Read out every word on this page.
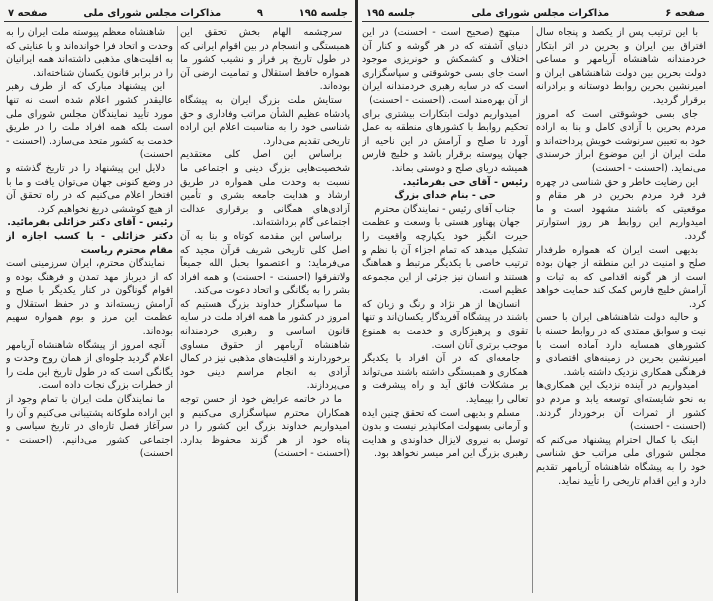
صفحه ۷	مذاکرات مجلس شورای ملی	۹	جلسه ۱۹۵

سرچشمه الهام بخش تحقق این همبستگی و انسجام در بین اقوام ایرانی که در طول تاریخ پر فراز و نشیب کشور ما همواره حافظ استقلال و تمامیت ارضی آن بوده‌اند.

ستایش ملت بزرگ ایران به پیشگاه پادشاه عظیم الشأن مراتب وفاداری و حق شناسی خود را به مناسبت اعلام این اراده تاریخی تقدیم می‌دارد.

براساس این اصل کلی معتقدیم شخصیت‌هایی بزرگ دینی و اجتماعی ما نسبت به وحدت ملی همواره در طریق ارشاد و هدایت جامعه بشری و تأمین آزادی‌های همگانی و برقراری عدالت اجتماعی گام برداشته‌اند.

براساس این مقدمه کوتاه و بنا به آن اصل کلی تاریخی شریف قرآن مجید که می‌فرماید: و اعتصموا بحبل الله جمیعاً ولاتفرقوا (احسنت - احسنت) و همه افراد بشر را به یگانگی و اتحاد دعوت می‌کند.

ما سپاسگزار خداوند بزرگ هستیم که امروز در کشور ما همه افراد ملت در سایه قانون اساسی و رهبری خردمندانه شاهنشاه آریامهر از حقوق مساوی برخوردارند و اقلیت‌های مذهبی نیز در کمال آزادی به انجام مراسم دینی خود می‌پردازند.

ما در خاتمه عرایض خود از حسن توجه همکاران محترم سپاسگزاری می‌کنیم و امیدواریم خداوند بزرگ این کشور را در پناه خود از هر گزند محفوظ بدارد. (احسنت - احسنت)

شاهنشاه معظم پیوسته ملت ایران را به وحدت و اتحاد فرا خوانده‌اند و با عنایتی که به اقلیت‌های مذهبی داشته‌اند همه ایرانیان را در برابر قانون یکسان شناخته‌اند.

این پیشنهاد مبارک که از طرف رهبر عالیقدر کشور اعلام شده است نه تنها مورد تأیید نمایندگان مجلس شورای ملی است بلکه همه افراد ملت را در طریق خدمت به کشور متحد می‌سازد. (احسنت - احسنت)

دلایل این پیشنهاد را در تاریخ گذشته و در وضع کنونی جهان می‌توان یافت و ما با افتخار اعلام می‌کنیم که در راه تحقق آن از هیچ کوششی دریغ نخواهیم کرد.

رئیس - آقای دکتر خزائلی بفرمائید.

دکتر خزائلی - با کسب اجازه از مقام محترم ریاست

نمایندگان محترم، ایران سرزمینی است که از دیرباز مهد تمدن و فرهنگ بوده و اقوام گوناگون در کنار یکدیگر با صلح و آرامش زیسته‌اند و در حفظ استقلال و عظمت این مرز و بوم همواره سهیم بوده‌اند.

آنچه امروز از پیشگاه شاهنشاه آریامهر اعلام گردید جلوه‌ای از همان روح وحدت و یگانگی است که در طول تاریخ این ملت را از خطرات بزرگ نجات داده است.

ما نمایندگان ملت ایران با تمام وجود از این اراده ملوکانه پشتیبانی می‌کنیم و آن را سرآغاز فصل تازه‌ای در تاریخ سیاسی و اجتماعی کشور می‌دانیم. (احسنت - احسنت)

جلسه ۱۹۵	مذاکرات مجلس شورای ملی	صفحه ۶

با این ترتیب پس از یکصد و پنجاه سال افتراق بین ایران و بحرین در اثر ابتکار خردمندانه شاهنشاه آریامهر و مساعی دولت بحرین بین دولت شاهنشاهی ایران و امیرنشین بحرین روابط دوستانه و برادرانه برقرار گردید.

جای بسی خوشوقتی است که امروز مردم بحرین با آزادی کامل و بنا به اراده خود به تعیین سرنوشت خویش پرداخته‌اند و ملت ایران از این موضوع ابراز خرسندی می‌نماید. (احسنت - احسنت)

این رضایت خاطر و حق شناسی در چهره فرد فرد مردم بحرین در هر مقام و موقعیتی که باشند مشهود است و ما امیدواریم این روابط هر روز استوارتر گردد.

بدیهی است ایران که همواره طرفدار صلح و امنیت در این منطقه از جهان بوده است از هر گونه اقدامی که به ثبات و آرامش خلیج فارس کمک کند حمایت خواهد کرد.

و حالیه دولت شاهنشاهی ایران با حسن نیت و سوابق ممتدی که در روابط حسنه با کشورهای همسایه دارد آماده است با امیرنشین بحرین در زمینه‌های اقتصادی و فرهنگی همکاری نزدیک داشته باشد.

امیدواریم در آینده نزدیک این همکاری‌ها به نحو شایسته‌ای توسعه یابد و مردم دو کشور از ثمرات آن برخوردار گردند. (احسنت - احسنت)

اینک با کمال احترام پیشنهاد می‌کنم که مجلس شورای ملی مراتب حق شناسی خود را به پیشگاه شاهنشاه آریامهر تقدیم دارد و این اقدام تاریخی را تأیید نماید.

مبتهج (صحیح است - احسنت) در این دنیای آشفته که در هر گوشه و کنار آن اختلاف و کشمکش و خونریزی موجود است جای بسی خوشوقتی و سپاسگزاری است که در سایه رهبری خردمندانه ایران از آن بهره‌مند است. (احسنت - احسنت)

امیدواریم دولت ابتکارات بیشتری برای تحکیم روابط با کشورهای منطقه به عمل آورد تا صلح و آرامش در این ناحیه از جهان پیوسته برقرار باشد و خلیج فارس همیشه دریای صلح و دوستی بماند.

رئیس - آقای حی بفرمائید.

حی - بنام خدای بزرگ

جناب آقای رئیس - نمایندگان محترم

جهان پهناور هستی با وسعت و عظمت حیرت انگیز خود یکپارچه واقعیت را تشکیل میدهد که تمام اجزاء آن با نظم و ترتیب خاصی با یکدیگر مرتبط و هماهنگ هستند و انسان نیز جزئی از این مجموعه عظیم است.

انسان‌ها از هر نژاد و رنگ و زبان که باشند در پیشگاه آفریدگار یکسان‌اند و تنها تقوی و پرهیزکاری و خدمت به همنوع موجب برتری آنان است.

جامعه‌ای که در آن افراد با یکدیگر همکاری و همبستگی داشته باشند می‌تواند بر مشکلات فائق آید و راه پیشرفت و تعالی را بپیماید.

مسلم و بدیهی است که تحقق چنین ایده و آرمانی بسهولت امکانپذیر نیست و بدون توسل به نیروی لایزال خداوندی و هدایت رهبری بزرگ این امر میسر نخواهد بود.
